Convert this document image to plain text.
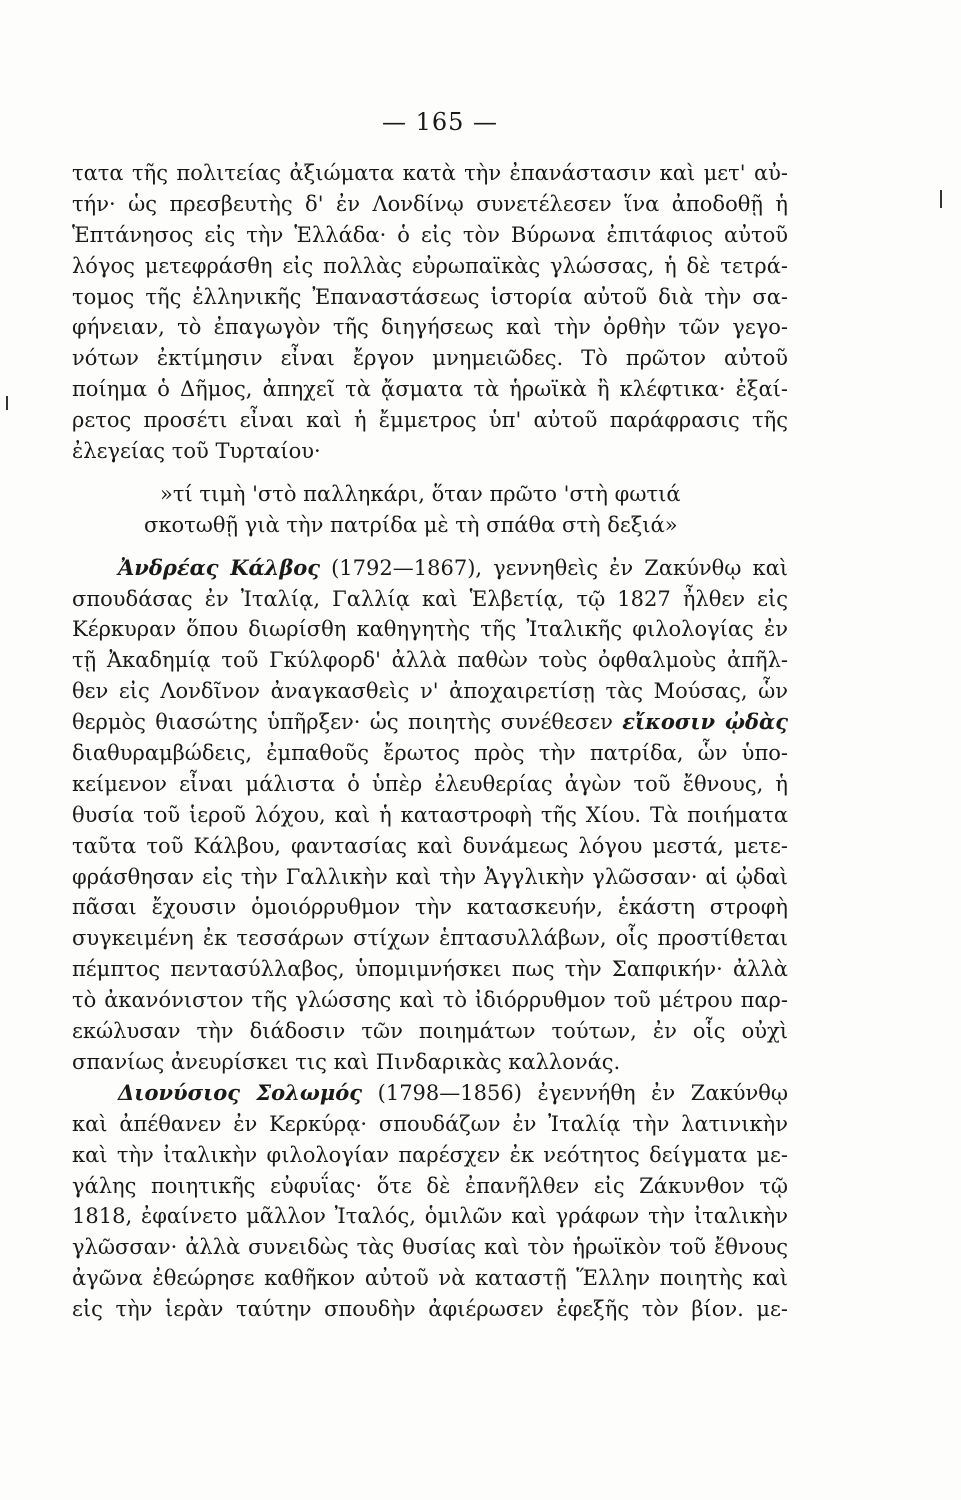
— 165 —
τατα τῆς πολιτείας ἀξιώματα κατὰ τὴν ἐπανάστασιν καὶ μετ' αὐ-
τήν· ὡς πρεσβευτὴς δ' ἐν Λονδίνῳ συνετέλεσεν ἵνα ἀποδοθῇ ἡ
Ἑπτάνησος εἰς τὴν Ἑλλάδα· ὁ εἰς τὸν Βύρωνα ἐπιτάφιος αὐτοῦ
λόγος μετεφράσθη εἰς πολλὰς εὐρωπαϊκὰς γλώσσας, ἡ δὲ τετρά-
τομος τῆς ἑλληνικῆς Ἐπαναστάσεως ἱστορία αὐτοῦ διὰ τὴν σα-
φήνειαν, τὸ ἐπαγωγὸν τῆς διηγήσεως καὶ τὴν ὀρθὴν τῶν γεγο-
νότων ἐκτίμησιν εἶναι ἔργον μνημειῶδες. Τὸ πρῶτον αὐτοῦ
ποίημα ὁ Δῆμος, ἀπηχεῖ τὰ ᾄσματα τὰ ἡρωϊκὰ ἢ κλέφτικα· ἐξαί-
ρετος προσέτι εἶναι καὶ ἡ ἔμμετρος ὑπ' αὐτοῦ παράφρασις τῆς
ἐλεγείας τοῦ Τυρταίου·
»τί τιμὴ 'στὸ παλληκάρι, ὅταν πρῶτο 'στὴ φωτιά
σκοτωθῇ γιὰ τὴν πατρίδα μὲ τὴ σπάθα στὴ δεξιά»
Ἀνδρέας Κάλβος (1792—1867), γεννηθεὶς ἐν Ζακύνθῳ καὶ
σπουδάσας ἐν Ἰταλίᾳ, Γαλλίᾳ καὶ Ἑλβετίᾳ, τῷ 1827 ἦλθεν εἰς
Κέρκυραν ὅπου διωρίσθη καθηγητὴς τῆς Ἰταλικῆς φιλολογίας ἐν
τῇ Ἀκαδημίᾳ τοῦ Γκύλφορδ' ἀλλὰ παθὼν τοὺς ὀφθαλμοὺς ἀπῆλ-
θεν εἰς Λονδῖνον ἀναγκασθεὶς ν' ἀποχαιρετίσῃ τὰς Μούσας, ὧν
θερμὸς θιασώτης ὑπῆρξεν· ὡς ποιητὴς συνέθεσεν εἴκοσιν ᾠδὰς
διαθυραμβώδεις, ἐμπαθοῦς ἔρωτος πρὸς τὴν πατρίδα, ὧν ὑπο-
κείμενον εἶναι μάλιστα ὁ ὑπὲρ ἐλευθερίας ἀγὼν τοῦ ἔθνους, ἡ
θυσία τοῦ ἱεροῦ λόχου, καὶ ἡ καταστροφὴ τῆς Χίου. Τὰ ποιήματα
ταῦτα τοῦ Κάλβου, φαντασίας καὶ δυνάμεως λόγου μεστά, μετε-
φράσθησαν εἰς τὴν Γαλλικὴν καὶ τὴν Ἀγγλικὴν γλῶσσαν· αἱ ᾠδαὶ
πᾶσαι ἔχουσιν ὁμοιόρρυθμον τὴν κατασκευήν, ἑκάστη στροφὴ
συγκειμένη ἐκ τεσσάρων στίχων ἑπτασυλλάβων, οἷς προστίθεται
πέμπτος πεντασύλλαβος, ὑπομιμνήσκει πως τὴν Σαπφικήν· ἀλλὰ
τὸ ἀκανόνιστον τῆς γλώσσης καὶ τὸ ἰδιόρρυθμον τοῦ μέτρου παρ-
εκώλυσαν τὴν διάδοσιν τῶν ποιημάτων τούτων, ἐν οἷς οὐχὶ
σπανίως ἀνευρίσκει τις καὶ Πινδαρικὰς καλλονάς.
Διονύσιος Σολωμός (1798—1856) ἐγεννήθη ἐν Ζακύνθῳ
καὶ ἀπέθανεν ἐν Κερκύρᾳ· σπουδάζων ἐν Ἰταλίᾳ τὴν λατινικὴν
καὶ τὴν ἰταλικὴν φιλολογίαν παρέσχεν ἐκ νεότητος δείγματα με-
γάλης ποιητικῆς εὐφυΐας· ὅτε δὲ ἐπανῆλθεν εἰς Ζάκυνθον τῷ
1818, ἐφαίνετο μᾶλλον Ἰταλός, ὁμιλῶν καὶ γράφων τὴν ἰταλικὴν
γλῶσσαν· ἀλλὰ συνειδὼς τὰς θυσίας καὶ τὸν ἡρωϊκὸν τοῦ ἔθνους
ἀγῶνα ἐθεώρησε καθῆκον αὐτοῦ νὰ καταστῇ Ἕλλην ποιητὴς καὶ
εἰς τὴν ἱερὰν ταύτην σπουδὴν ἀφιέρωσεν ἐφεξῆς τὸν βίον. με-
